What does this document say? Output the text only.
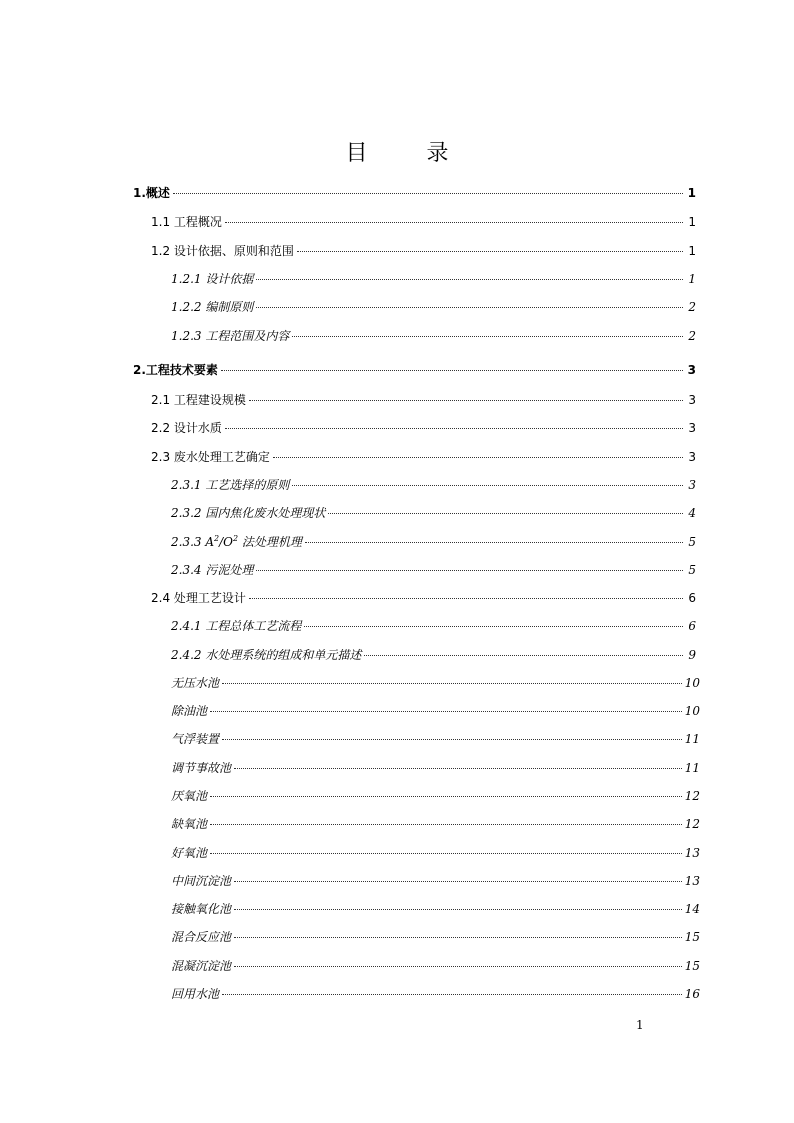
目 录
1.概述	1
1.1 工程概况	1
1.2 设计依据、原则和范围	1
1.2.1 设计依据	1
1.2.2 编制原则	2
1.2.3 工程范围及内容	2
2.工程技术要素	3
2.1 工程建设规模	3
2.2 设计水质	3
2.3 废水处理工艺确定	3
2.3.1 工艺选择的原则	3
2.3.2 国内焦化废水处理现状	4
2.3.3 $A^2/O^2$ 法处理机理	5
2.3.4 污泥处理	5
2.4 处理工艺设计	6
2.4.1 工程总体工艺流程	6
2.4.2 水处理系统的组成和单元描述	9
无压水池	10
除油池	10
气浮装置	11
调节事故池	11
厌氧池	12
缺氧池	12
好氧池	13
中间沉淀池	13
接触氧化池	14
混合反应池	15
混凝沉淀池	15
回用水池	16
1
